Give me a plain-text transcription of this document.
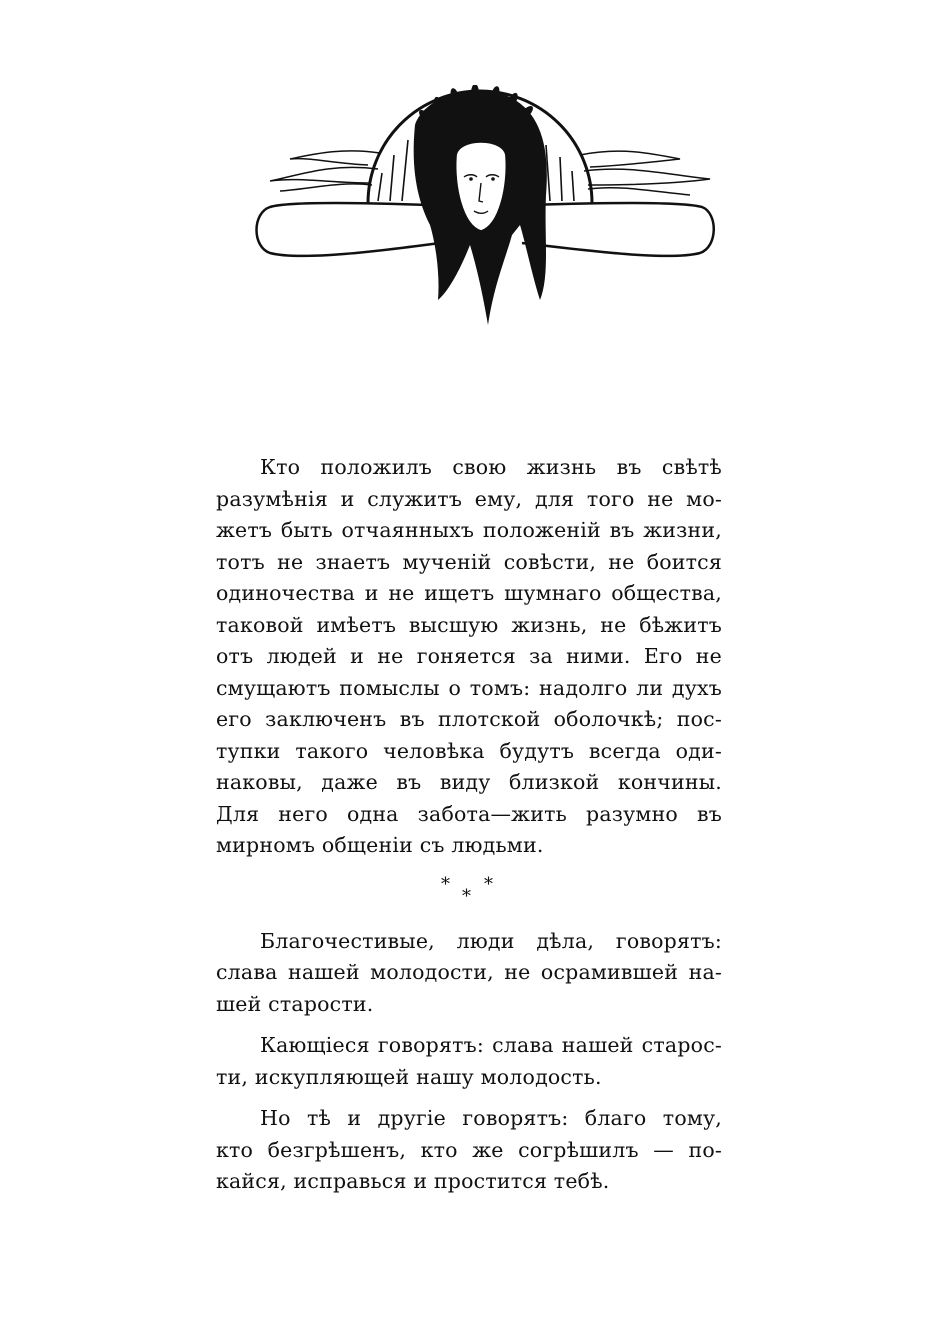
Кто положилъ свою жизнь въ свѣтѣ
разумѣнія и служитъ ему, для того не мо-
жетъ быть отчаянныхъ положеній въ жизни,
тотъ не знаетъ мученій совѣсти, не боится
одиночества и не ищетъ шумнаго общества,
таковой имѣетъ высшую жизнь, не бѣжитъ
отъ людей и не гоняется за ними. Его не
смущаютъ помыслы о томъ: надолго ли духъ
его заключенъ въ плотской оболочкѣ; пос-
тупки такого человѣка будутъ всегда оди-
наковы, даже въ виду близкой кончины.
Для него одна забота—жить разумно въ
мирномъ общеніи съ людьми.
*
*
*
Благочестивые, люди дѣла, говорятъ:
слава нашей молодости, не осрамившей на-
шей старости.
Кающіеся говорятъ: слава нашей старос-
ти, искупляющей нашу молодость.
Но тѣ и другіе говорятъ: благо тому,
кто безгрѣшенъ, кто же согрѣшилъ — по-
кайся, исправься и простится тебѣ.
